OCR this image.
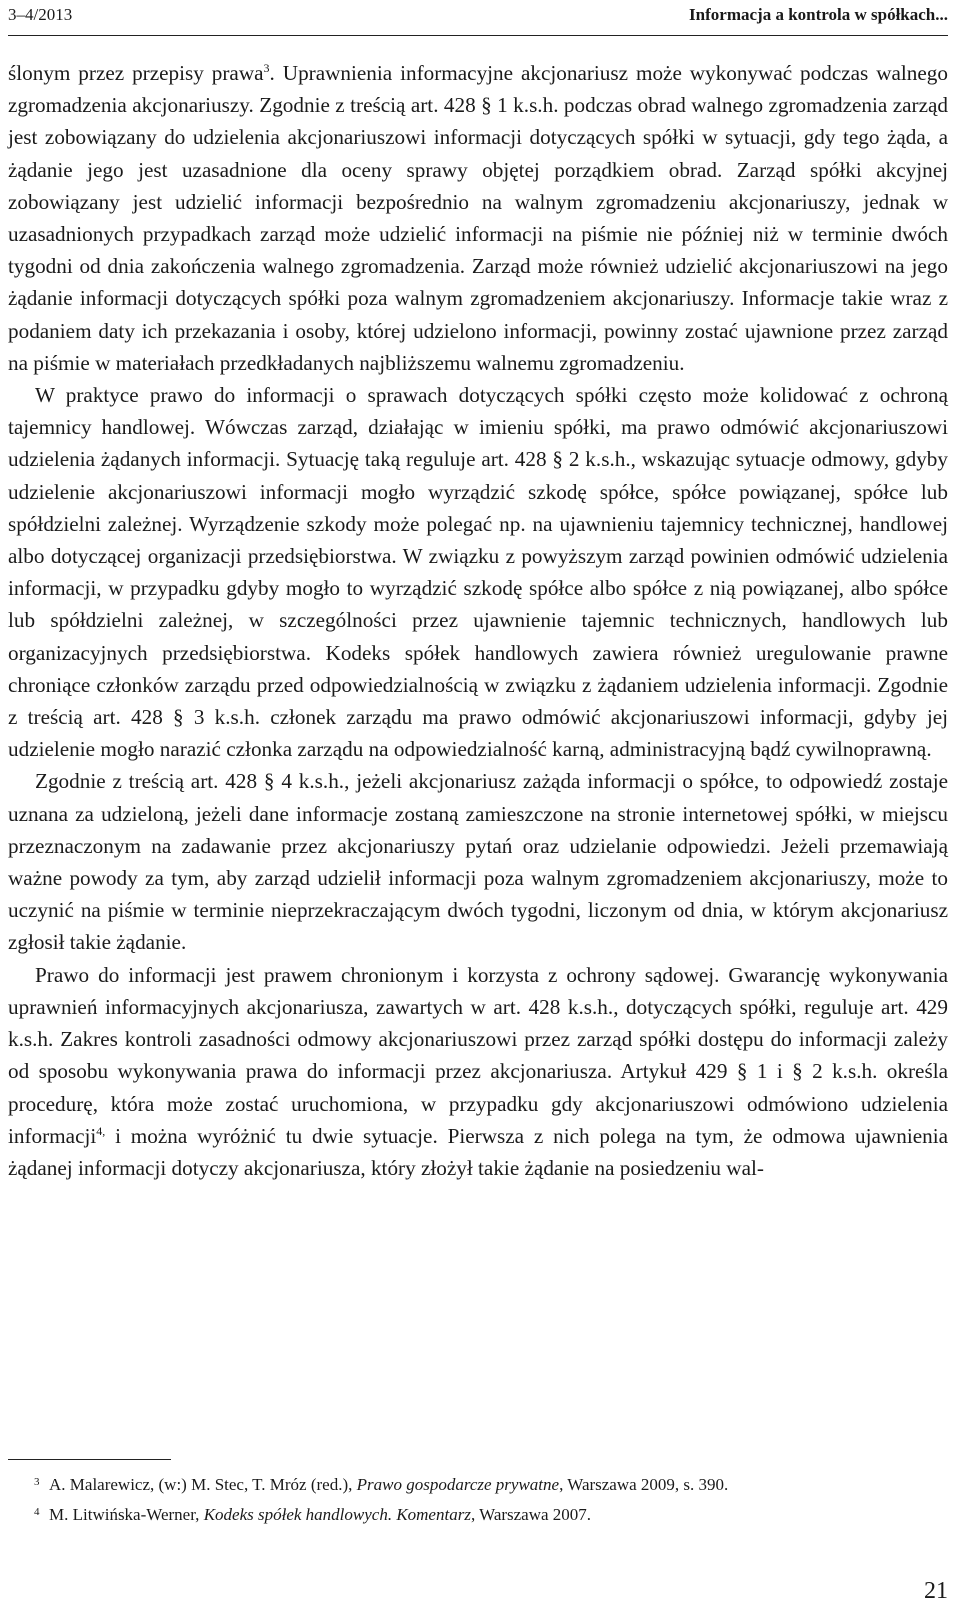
3–4/2013	Informacja a kontrola w spółkach...

ślonym przez przepisy prawa$^3$. Uprawnienia informacyjne akcjonariusz może wykonywać podczas walnego zgromadzenia akcjonariuszy. Zgodnie z treścią art. 428 § 1 k.s.h. podczas obrad walnego zgromadzenia zarząd jest zobowiązany do udzielenia akcjonariuszowi informacji dotyczących spółki w sytuacji, gdy tego żąda, a żądanie jego jest uzasadnione dla oceny sprawy objętej porządkiem obrad. Zarząd spółki akcyjnej zobowiązany jest udzielić informacji bezpośrednio na walnym zgromadzeniu akcjonariuszy, jednak w uzasadnionych przypadkach zarząd może udzielić informacji na piśmie nie później niż w terminie dwóch tygodni od dnia zakończenia walnego zgromadzenia. Zarząd może również udzielić akcjonariuszowi na jego żądanie informacji dotyczących spółki poza walnym zgromadzeniem akcjonariuszy. Informacje takie wraz z podaniem daty ich przekazania i osoby, której udzielono informacji, powinny zostać ujawnione przez zarząd na piśmie w materiałach przedkładanych najbliższemu walnemu zgromadzeniu.

W praktyce prawo do informacji o sprawach dotyczących spółki często może kolidować z ochroną tajemnicy handlowej. Wówczas zarząd, działając w imieniu spółki, ma prawo odmówić akcjonariuszowi udzielenia żądanych informacji. Sytuację taką reguluje art. 428 § 2 k.s.h., wskazując sytuacje odmowy, gdyby udzielenie akcjonariuszowi informacji mogło wyrządzić szkodę spółce, spółce powiązanej, spółce lub spółdzielni zależnej. Wyrządzenie szkody może polegać np. na ujawnieniu tajemnicy technicznej, handlowej albo dotyczącej organizacji przedsiębiorstwa. W związku z powyższym zarząd powinien odmówić udzielenia informacji, w przypadku gdyby mogło to wyrządzić szkodę spółce albo spółce z nią powiązanej, albo spółce lub spółdzielni zależnej, w szczególności przez ujawnienie tajemnic technicznych, handlowych lub organizacyjnych przedsiębiorstwa. Kodeks spółek handlowych zawiera również uregulowanie prawne chroniące członków zarządu przed odpowiedzialnością w związku z żądaniem udzielenia informacji. Zgodnie z treścią art. 428 § 3 k.s.h. członek zarządu ma prawo odmówić akcjonariuszowi informacji, gdyby jej udzielenie mogło narazić członka zarządu na odpowiedzialność karną, administracyjną bądź cywilnoprawną.

Zgodnie z treścią art. 428 § 4 k.s.h., jeżeli akcjonariusz zażąda informacji o spółce, to odpowiedź zostaje uznana za udzieloną, jeżeli dane informacje zostaną zamieszczone na stronie internetowej spółki, w miejscu przeznaczonym na zadawanie przez akcjonariuszy pytań oraz udzielanie odpowiedzi. Jeżeli przemawiają ważne powody za tym, aby zarząd udzielił informacji poza walnym zgromadzeniem akcjonariuszy, może to uczynić na piśmie w terminie nieprzekraczającym dwóch tygodni, liczonym od dnia, w którym akcjonariusz zgłosił takie żądanie.

Prawo do informacji jest prawem chronionym i korzysta z ochrony sądowej. Gwarancję wykonywania uprawnień informacyjnych akcjonariusza, zawartych w art. 428 k.s.h., dotyczących spółki, reguluje art. 429 k.s.h. Zakres kontroli zasadności odmowy akcjonariuszowi przez zarząd spółki dostępu do informacji zależy od sposobu wykonywania prawa do informacji przez akcjonariusza. Artykuł 429 § 1 i § 2 k.s.h. określa procedurę, która może zostać uruchomiona, w przypadku gdy akcjonariuszowi odmówiono udzielenia informacji$^{4,}$ i można wyróżnić tu dwie sytuacje. Pierwsza z nich polega na tym, że odmowa ujawnienia żądanej informacji dotyczy akcjonariusza, który złożył takie żądanie na posiedzeniu wal-

3 A. Malarewicz, (w:) M. Stec, T. Mróz (red.), Prawo gospodarcze prywatne, Warszawa 2009, s. 390.
4 M. Litwińska-Werner, Kodeks spółek handlowych. Komentarz, Warszawa 2007.
21
